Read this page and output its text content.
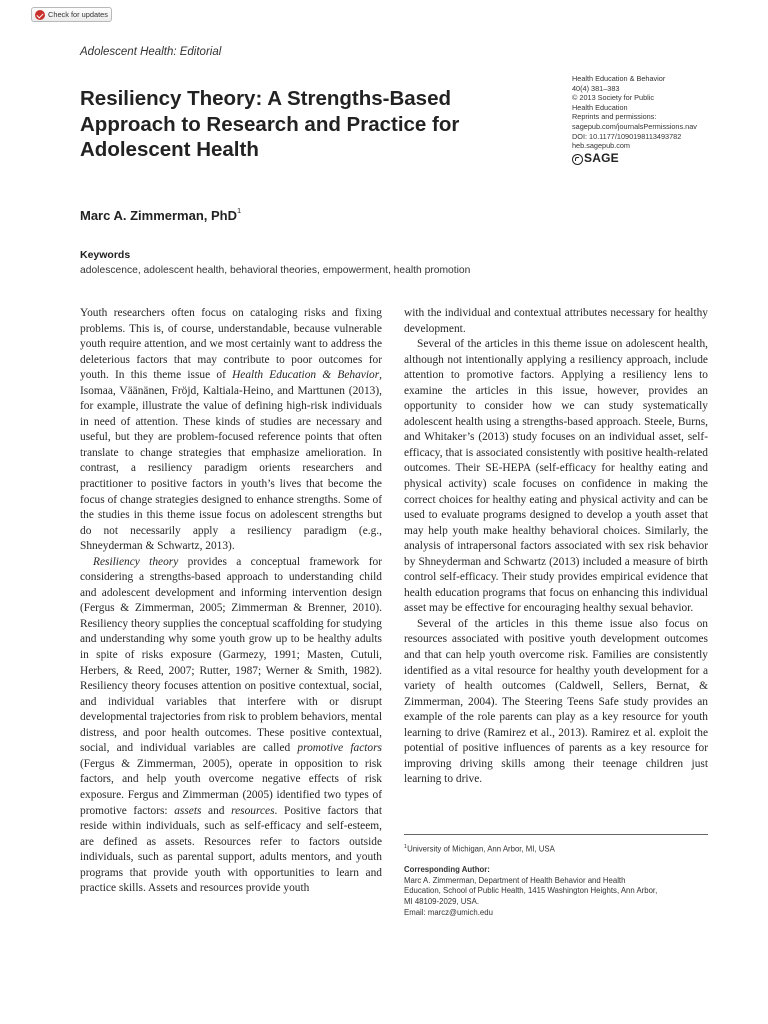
Check for updates
Adolescent Health: Editorial
Resiliency Theory: A Strengths-Based
Approach to Research and Practice for
Adolescent Health
Health Education & Behavior
40(4) 381–383
© 2013 Society for Public
Health Education
Reprints and permissions:
sagepub.com/journalsPermissions.nav
DOI: 10.1177/1090198113493782
heb.sagepub.com
SAGE
Marc A. Zimmerman, PhD$^1$
Keywords
adolescence, adolescent health, behavioral theories, empowerment, health promotion

Youth researchers often focus on cataloging risks and fixing problems. This is, of course, understandable, because vulnerable youth require attention, and we most certainly want to address the deleterious factors that may contribute to poor outcomes for youth. In this theme issue of Health Education & Behavior, Isomaa, Väänänen, Fröjd, Kaltiala-Heino, and Marttunen (2013), for example, illustrate the value of defining high-risk individuals in need of attention. These kinds of studies are necessary and useful, but they are problem-focused reference points that often translate to change strategies that emphasize amelioration. In contrast, a resiliency paradigm orients researchers and practitioner to positive factors in youth’s lives that become the focus of change strategies designed to enhance strengths. Some of the studies in this theme issue focus on adolescent strengths but do not necessarily apply a resiliency paradigm (e.g., Shneyderman & Schwartz, 2013).

Resiliency theory provides a conceptual framework for considering a strengths-based approach to understanding child and adolescent development and informing intervention design (Fergus & Zimmerman, 2005; Zimmerman & Brenner, 2010). Resiliency theory supplies the conceptual scaffolding for studying and understanding why some youth grow up to be healthy adults in spite of risks exposure (Garmezy, 1991; Masten, Cutuli, Herbers, & Reed, 2007; Rutter, 1987; Werner & Smith, 1982). Resiliency theory focuses attention on positive contextual, social, and individual variables that interfere with or disrupt developmental trajectories from risk to problem behaviors, mental distress, and poor health outcomes. These positive contextual, social, and individual variables are called promotive factors (Fergus & Zimmerman, 2005), operate in opposition to risk factors, and help youth overcome negative effects of risk exposure. Fergus and Zimmerman (2005) identified two types of promotive factors: assets and resources. Positive factors that reside within individuals, such as self-efficacy and self-esteem, are defined as assets. Resources refer to factors outside individuals, such as parental support, adults mentors, and youth programs that provide youth with opportunities to learn and practice skills. Assets and resources provide youth

with the individual and contextual attributes necessary for healthy development.

Several of the articles in this theme issue on adolescent health, although not intentionally applying a resiliency approach, include attention to promotive factors. Applying a resiliency lens to examine the articles in this issue, however, provides an opportunity to consider how we can study systematically adolescent health using a strengths-based approach. Steele, Burns, and Whitaker’s (2013) study focuses on an individual asset, self-efficacy, that is associated consistently with positive health-related outcomes. Their SE-HEPA (self-efficacy for healthy eating and physical activity) scale focuses on confidence in making the correct choices for healthy eating and physical activity and can be used to evaluate programs designed to develop a youth asset that may help youth make healthy behavioral choices. Similarly, the analysis of intrapersonal factors associated with sex risk behavior by Shneyderman and Schwartz (2013) included a measure of birth control self-efficacy. Their study provides empirical evidence that health education programs that focus on enhancing this individual asset may be effective for encouraging healthy sexual behavior.

Several of the articles in this theme issue also focus on resources associated with positive youth development outcomes and that can help youth overcome risk. Families are consistently identified as a vital resource for healthy youth development for a variety of health outcomes (Caldwell, Sellers, Bernat, & Zimmerman, 2004). The Steering Teens Safe study provides an example of the role parents can play as a key resource for youth learning to drive (Ramirez et al., 2013). Ramirez et al. exploit the potential of positive influences of parents as a key resource for improving driving skills among their teenage children just learning to drive.

$^1$University of Michigan, Ann Arbor, MI, USA
Corresponding Author:
Marc A. Zimmerman, Department of Health Behavior and Health
Education, School of Public Health, 1415 Washington Heights, Ann Arbor,
MI 48109-2029, USA.
Email: marcz@umich.edu
